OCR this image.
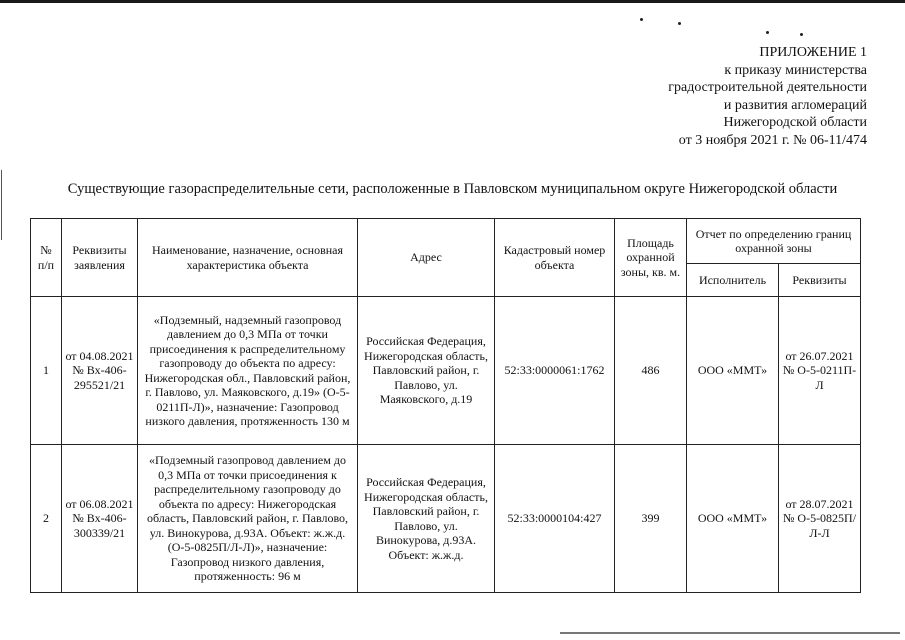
ПРИЛОЖЕНИЕ 1
к приказу министерства
градостроительной деятельности
и развития агломераций
Нижегородской области
от 3 ноября 2021 г. № 06-11/474
Существующие газораспределительные сети, расположенные в Павловском муниципальном округе Нижегородской области
№ п/п	Реквизиты заявления	Наименование, назначение, основная характеристика объекта	Адрес	Кадастровый номер объекта	Площадь охранной зоны, кв. м.	Отчет по определению границ охранной зоны	
						Исполнитель	Реквизиты
1	от 04.08.2021 № Вх-406-295521/21	«Подземный, надземный газопровод давлением до 0,3 МПа от точки присоединения к распределительному газопроводу до объекта по адресу: Нижегородская обл., Павловский район, г. Павлово, ул. Маяковского, д.19» (О-5-0211П-Л)», назначение: Газопровод низкого давления, протяженность 130 м	Российская Федерация, Нижегородская область, Павловский район, г. Павлово, ул. Маяковского, д.19	52:33:0000061:1762	486	ООО «ММТ»	от 26.07.2021 № О-5-0211П-Л
2	от 06.08.2021 № Вх-406-300339/21	«Подземный газопровод давлением до 0,3 МПа от точки присоединения к распределительному газопроводу до объекта по адресу: Нижегородская область, Павловский район, г. Павлово, ул. Винокурова, д.93А. Объект: ж.ж.д. (О-5-0825П/Л-Л)», назначение: Газопровод низкого давления, протяженность: 96 м	Российская Федерация, Нижегородская область, Павловский район, г. Павлово, ул. Винокурова, д.93А. Объект: ж.ж.д.	52:33:0000104:427	399	ООО «ММТ»	от 28.07.2021 № О-5-0825П/Л-Л
